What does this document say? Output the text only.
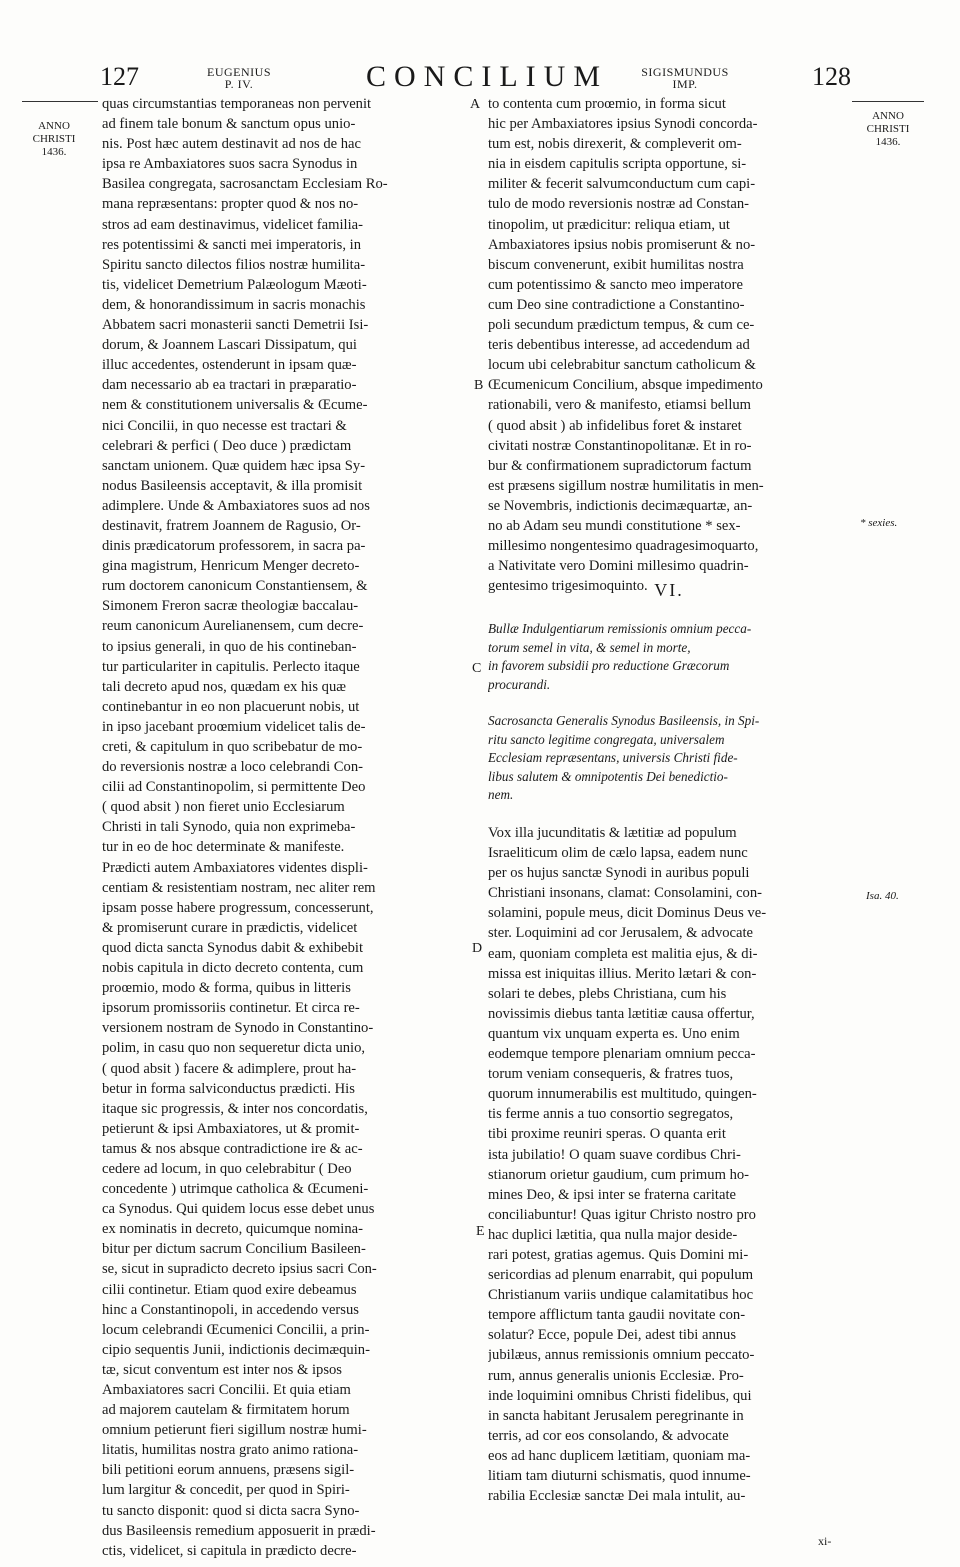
127	EUGENIUS
P. IV.	CONCILIUM	SIGISMUNDUS
IMP.	128
ANNO
CHRISTI
1436.
ANNO
CHRISTI
1436.
* sexies.
Isa. 40.
A
B
C
D
E
quas circumstantias temporaneas non pervenit
ad finem tale bonum & sanctum opus unio-
nis. Post hæc autem destinavit ad nos de hac
ipsa re Ambaxiatores suos sacra Synodus in
Basilea congregata, sacrosanctam Ecclesiam Ro-
mana repræsentans: propter quod & nos no-
stros ad eam destinavimus, videlicet familia-
res potentissimi & sancti mei imperatoris, in
Spiritu sancto dilectos filios nostræ humilita-
tis, videlicet Demetrium Palæologum Mæoti-
dem, & honorandissimum in sacris monachis
Abbatem sacri monasterii sancti Demetrii Isi-
dorum, & Joannem Lascari Dissipatum, qui
illuc accedentes, ostenderunt in ipsam quæ-
dam necessario ab ea tractari in præparatio-
nem & constitutionem universalis & Œcume-
nici Concilii, in quo necesse est tractari &
celebrari & perfici ( Deo duce ) prædictam
sanctam unionem. Quæ quidem hæc ipsa Sy-
nodus Basileensis acceptavit, & illa promisit
adimplere. Unde & Ambaxiatores suos ad nos
destinavit, fratrem Joannem de Ragusio, Or-
dinis prædicatorum professorem, in sacra pa-
gina magistrum, Henricum Menger decreto-
rum doctorem canonicum Constantiensem, &
Simonem Freron sacræ theologiæ baccalau-
reum canonicum Aurelianensem, cum decre-
to ipsius generali, in quo de his contineban-
tur particulariter in capitulis. Perlecto itaque
tali decreto apud nos, quædam ex his quæ
continebantur in eo non placuerunt nobis, ut
in ipso jacebant proœmium videlicet talis de-
creti, & capitulum in quo scribebatur de mo-
do reversionis nostræ a loco celebrandi Con-
cilii ad Constantinopolim, si permittente Deo
( quod absit ) non fieret unio Ecclesiarum
Christi in tali Synodo, quia non exprimeba-
tur in eo de hoc determinate & manifeste.
Prædicti autem Ambaxiatores videntes displi-
centiam & resistentiam nostram, nec aliter rem
ipsam posse habere progressum, concesserunt,
& promiserunt curare in prædictis, videlicet
quod dicta sancta Synodus dabit & exhibebit
nobis capitula in dicto decreto contenta, cum
proœmio, modo & forma, quibus in litteris
ipsorum promissoriis continetur. Et circa re-
versionem nostram de Synodo in Constantino-
polim, in casu quo non sequeretur dicta unio,
( quod absit ) facere & adimplere, prout ha-
betur in forma salviconductus prædicti. His
itaque sic progressis, & inter nos concordatis,
petierunt & ipsi Ambaxiatores, ut & promit-
tamus & nos absque contradictione ire & ac-
cedere ad locum, in quo celebrabitur ( Deo
concedente ) utrimque catholica & Œcumeni-
ca Synodus. Qui quidem locus esse debet unus
ex nominatis in decreto, quicumque nomina-
bitur per dictum sacrum Concilium Basileen-
se, sicut in supradicto decreto ipsius sacri Con-
cilii continetur. Etiam quod exire debeamus
hinc a Constantinopoli, in accedendo versus
locum celebrandi Œcumenici Concilii, a prin-
cipio sequentis Junii, indictionis decimæquin-
tæ, sicut conventum est inter nos & ipsos
Ambaxiatores sacri Concilii. Et quia etiam
ad majorem cautelam & firmitatem horum
omnium petierunt fieri sigillum nostræ humi-
litatis, humilitas nostra grato animo rationa-
bili petitioni eorum annuens, præsens sigil-
lum largitur & concedit, per quod in Spiri-
tu sancto disponit: quod si dicta sacra Syno-
dus Basileensis remedium apposuerit in prædi-
ctis, videlicet, si capitula in prædicto decre-
to contenta cum proœmio, in forma sicut
hic per Ambaxiatores ipsius Synodi concorda-
tum est, nobis direxerit, & compleverit om-
nia in eisdem capitulis scripta opportune, si-
militer & fecerit salvumconductum cum capi-
tulo de modo reversionis nostræ ad Constan-
tinopolim, ut prædicitur: reliqua etiam, ut
Ambaxiatores ipsius nobis promiserunt & no-
biscum convenerunt, exibit humilitas nostra
cum potentissimo & sancto meo imperatore
cum Deo sine contradictione a Constantino-
poli secundum prædictum tempus, & cum ce-
teris debentibus interesse, ad accedendum ad
locum ubi celebrabitur sanctum catholicum &
Œcumenicum Concilium, absque impedimento
rationabili, vero & manifesto, etiamsi bellum
( quod absit ) ab infidelibus foret & instaret
civitati nostræ Constantinopolitanæ. Et in ro-
bur & confirmationem supradictorum factum
est præsens sigillum nostræ humilitatis in men-
se Novembris, indictionis decimæquartæ, an-
no ab Adam seu mundi constitutione * sex-
millesimo nongentesimo quadragesimoquarto,
a Nativitate vero Domini millesimo quadrin-
gentesimo trigesimoquinto. VI.
Bullæ Indulgentiarum remissionis omnium pecca-
torum semel in vita, & semel in morte,
in favorem subsidii pro reductione Græcorum
procurandi.
Sacrosancta Generalis Synodus Basileensis, in Spi-
ritu sancto legitime congregata, universalem
Ecclesiam repræsentans, universis Christi fide-
libus salutem & omnipotentis Dei benedictio-
nem.
Vox illa jucunditatis & lætitiæ ad populum
Israeliticum olim de cælo lapsa, eadem nunc
per os hujus sanctæ Synodi in auribus populi
Christiani insonans, clamat: Consolamini, con-
solamini, popule meus, dicit Dominus Deus ve-
ster. Loquimini ad cor Jerusalem, & advocate
eam, quoniam completa est malitia ejus, & di-
missa est iniquitas illius. Merito lætari & con-
solari te debes, plebs Christiana, cum his
novissimis diebus tanta lætitiæ causa offertur,
quantum vix unquam experta es. Uno enim
eodemque tempore plenariam omnium pecca-
torum veniam consequeris, & fratres tuos,
quorum innumerabilis est multitudo, quingen-
tis ferme annis a tuo consortio segregatos,
tibi proxime reuniri speras. O quanta erit
ista jubilatio! O quam suave cordibus Chri-
stianorum orietur gaudium, cum primum ho-
mines Deo, & ipsi inter se fraterna caritate
conciliabuntur! Quas igitur Christo nostro pro
hac duplici lætitia, qua nulla major deside-
rari potest, gratias agemus. Quis Domini mi-
sericordias ad plenum enarrabit, qui populum
Christianum variis undique calamitatibus hoc
tempore afflictum tanta gaudii novitate con-
solatur? Ecce, popule Dei, adest tibi annus
jubilæus, annus remissionis omnium peccato-
rum, annus generalis unionis Ecclesiæ. Pro-
inde loquimini omnibus Christi fidelibus, qui
in sancta habitant Jerusalem peregrinante in
terris, ad cor eos consolando, & advocate
eos ad hanc duplicem lætitiam, quoniam ma-
litiam tam diuturni schismatis, quod innume-
rabilia Ecclesiæ sanctæ Dei mala intulit, au-
xi-
